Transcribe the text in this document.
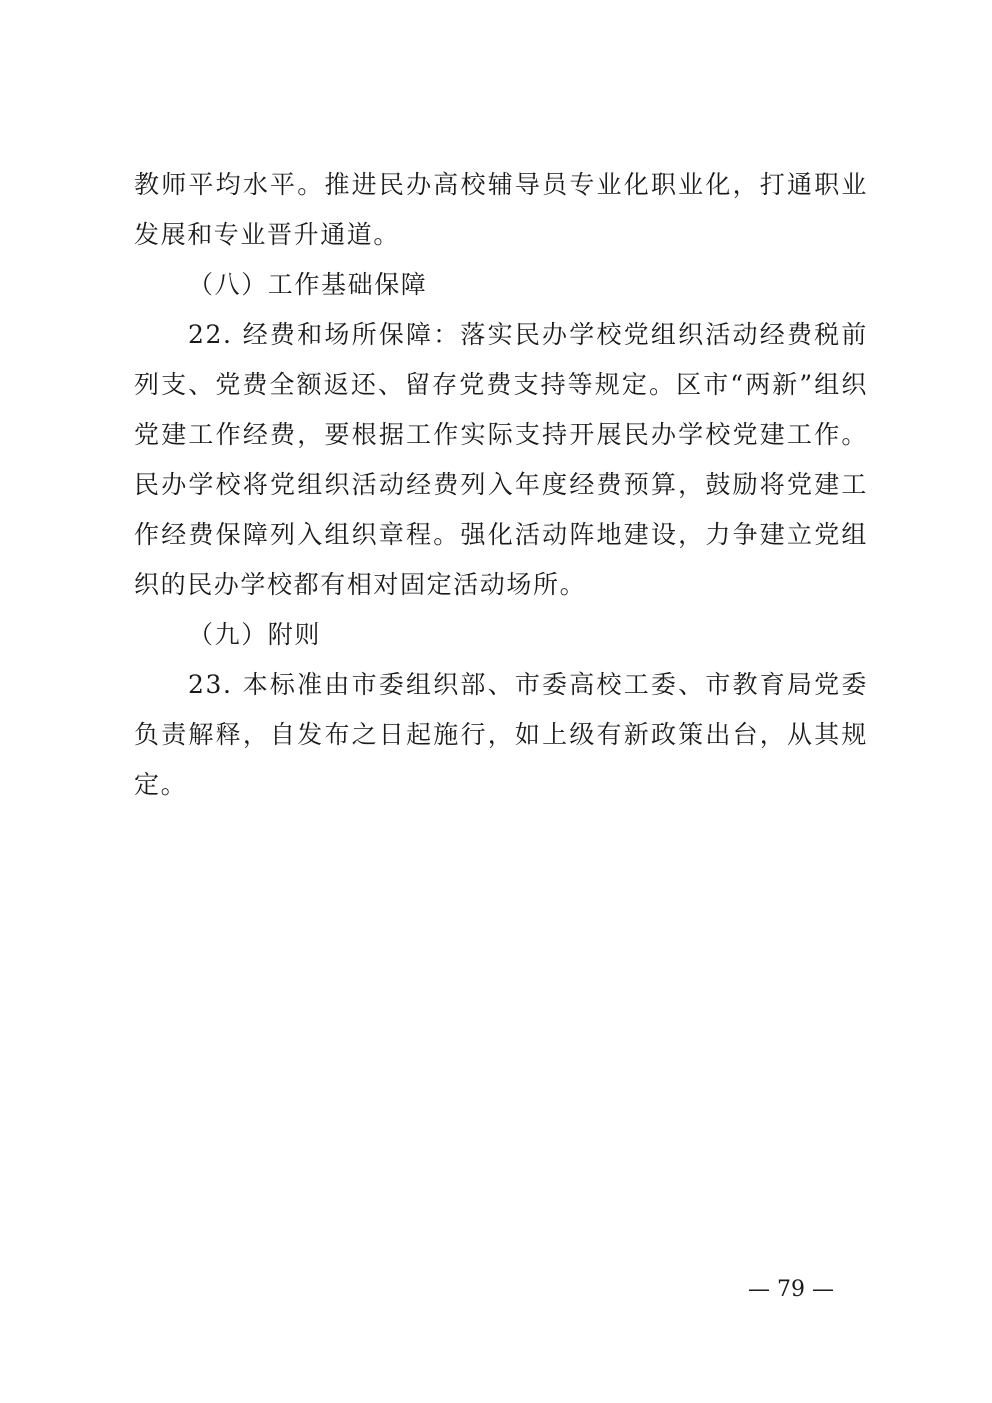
教师平均水平。推进民办高校辅导员专业化职业化，打通职业发展和专业晋升通道。

（八）工作基础保障

22. 经费和场所保障：落实民办学校党组织活动经费税前列支、党费全额返还、留存党费支持等规定。区市“两新”组织党建工作经费，要根据工作实际支持开展民办学校党建工作。民办学校将党组织活动经费列入年度经费预算，鼓励将党建工作经费保障列入组织章程。强化活动阵地建设，力争建立党组织的民办学校都有相对固定活动场所。

（九）附则

23. 本标准由市委组织部、市委高校工委、市教育局党委负责解释，自发布之日起施行，如上级有新政策出台，从其规定。

— 79 —
